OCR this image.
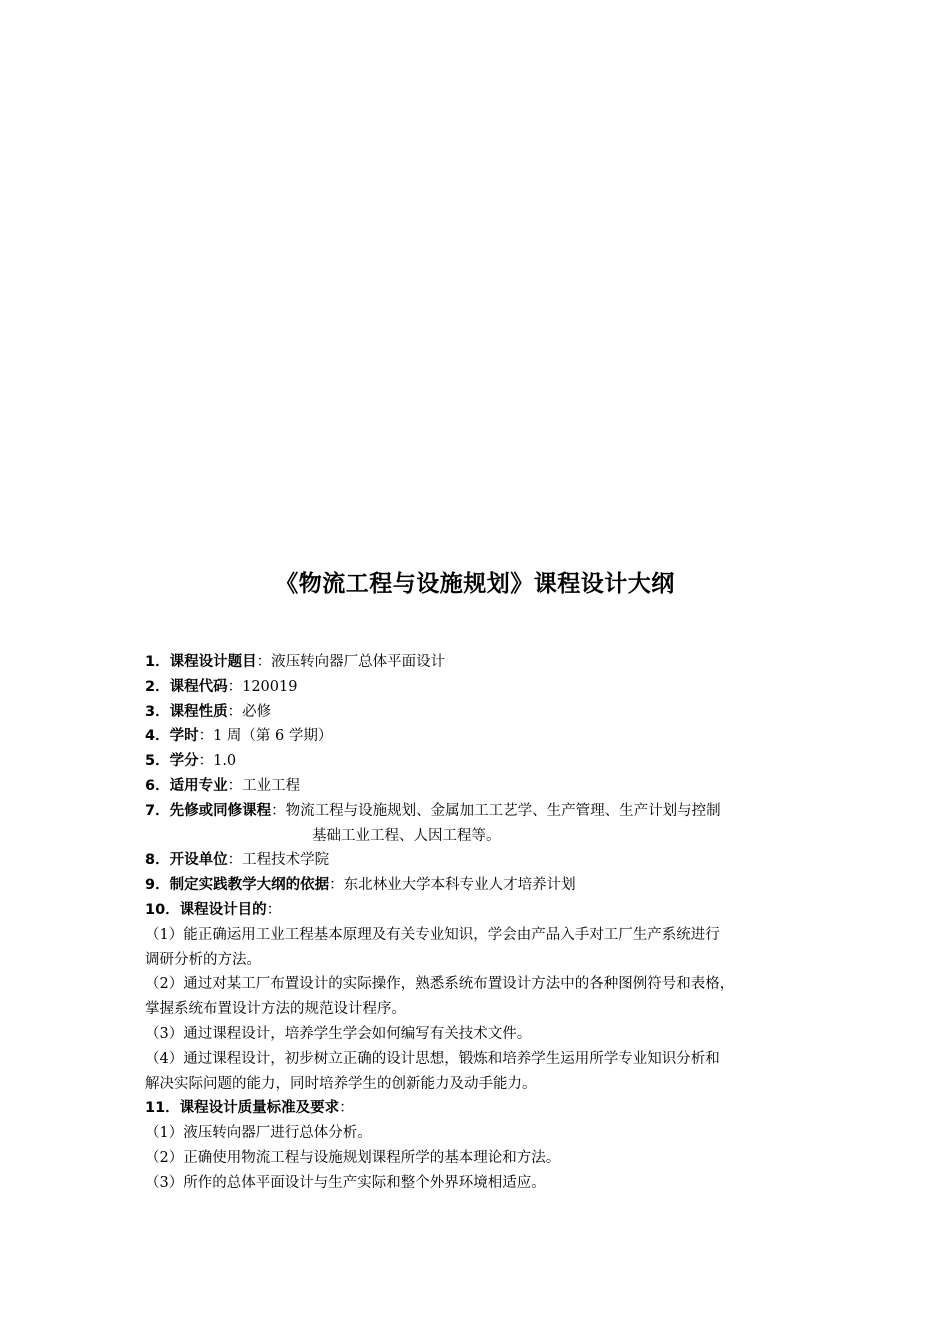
《物流工程与设施规划》课程设计大纲
1．课程设计题目：液压转向器厂总体平面设计
2．课程代码：120019
3．课程性质：必修
4．学时：1 周（第 6 学期）
5．学分：1.0
6．适用专业：工业工程
7．先修或同修课程：物流工程与设施规划、金属加工工艺学、生产管理、生产计划与控制
基础工业工程、人因工程等。
8．开设单位：工程技术学院
9．制定实践教学大纲的依据：东北林业大学本科专业人才培养计划
10．课程设计目的：
（1）能正确运用工业工程基本原理及有关专业知识，学会由产品入手对工厂生产系统进行
调研分析的方法。
（2）通过对某工厂布置设计的实际操作，熟悉系统布置设计方法中的各种图例符号和表格，
掌握系统布置设计方法的规范设计程序。
（3）通过课程设计，培养学生学会如何编写有关技术文件。
（4）通过课程设计，初步树立正确的设计思想，锻炼和培养学生运用所学专业知识分析和
解决实际问题的能力，同时培养学生的创新能力及动手能力。
11．课程设计质量标准及要求：
（1）液压转向器厂进行总体分析。
（2）正确使用物流工程与设施规划课程所学的基本理论和方法。
（3）所作的总体平面设计与生产实际和整个外界环境相适应。
